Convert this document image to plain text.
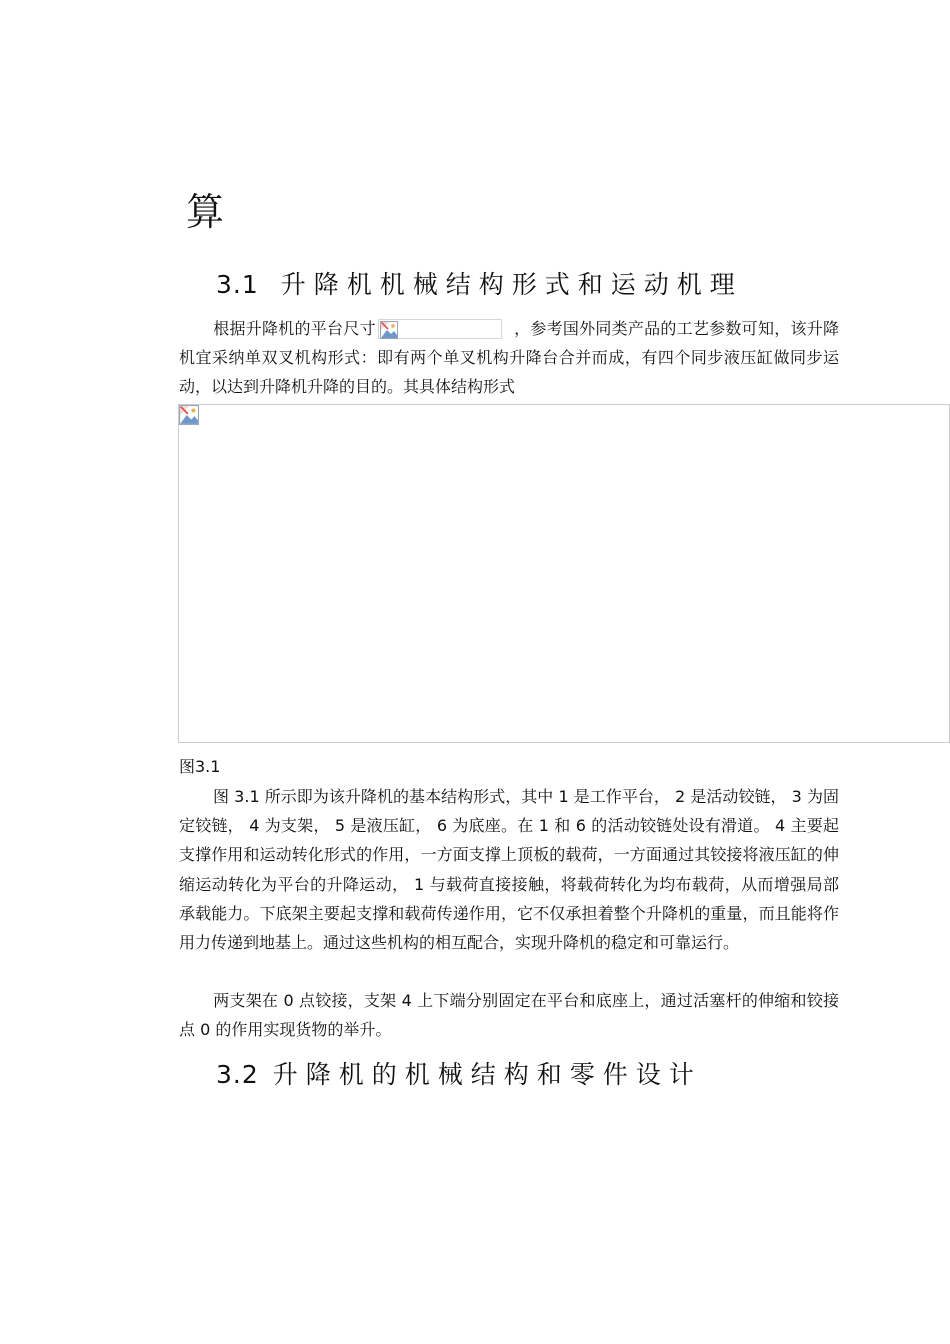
算
3.1 升降机机械结构形式和运动机理
根据升降机的平台尺寸	，参考国外同类产品的工艺参数可知，该升降机宜采纳单双叉机构形式：即有两个单叉机构升降台合并而成，有四个同步液压缸做同步运动，以达到升降机升降的目的。其具体结构形式
图3.1
图 3.1 所示即为该升降机的基本结构形式，其中 1 是工作平台， 2 是活动铰链， 3 为固定铰链， 4 为支架， 5 是液压缸， 6 为底座。在 1 和 6 的活动铰链处设有滑道。 4 主要起支撑作用和运动转化形式的作用，一方面支撑上顶板的载荷，一方面通过其铰接将液压缸的伸缩运动转化为平台的升降运动， 1 与载荷直接接触，将载荷转化为均布载荷，从而增强局部承载能力。下底架主要起支撑和载荷传递作用，它不仅承担着整个升降机的重量，而且能将作用力传递到地基上。通过这些机构的相互配合，实现升降机的稳定和可靠运行。
两支架在 0 点铰接，支架 4 上下端分别固定在平台和底座上，通过活塞杆的伸缩和铰接点 0 的作用实现货物的举升。
3.2 升降机的机械结构和零件设计
